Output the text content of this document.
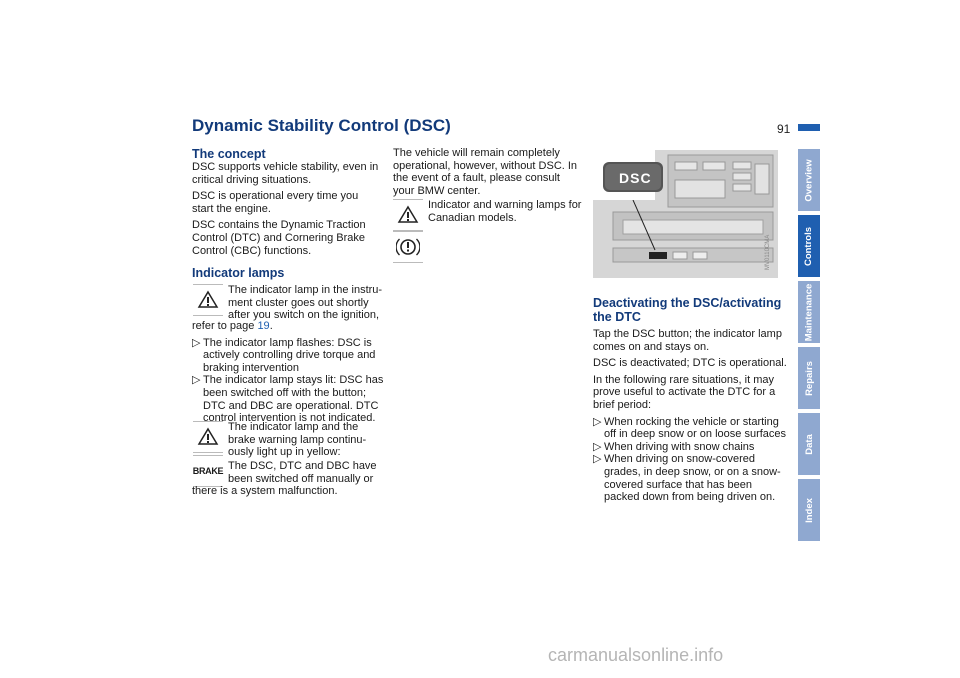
Dynamic Stability Control (DSC)	91

The concept

DSC supports vehicle stability, even in critical driving situations.

DSC is operational every time you start the engine.

DSC contains the Dynamic Traction Control (DTC) and Cornering Brake Control (CBC) functions.

Indicator lamps

The indicator lamp in the instru-

ment cluster goes out shortly

after you switch on the ignition,

refer to page 19.

▷ The indicator lamp flashes: DSC is actively controlling drive torque and braking intervention
▷ The indicator lamp stays lit: DSC has been switched off with the button; DTC and DBC are operational. DTC control intervention is not indicated.

The indicator lamp and the

brake warning lamp continu-

ously light up in yellow:

BRAKE The DSC, DTC and DBC have

been switched off manually or

there is a system malfunction.

The vehicle will remain completely operational, however, without DSC. In the event of a fault, please consult your BMW center.

Indicator and warning lamps for

Canadian models.

DSC
MV0110CMA

Deactivating the DSC/activating the DTC

Tap the DSC button; the indicator lamp comes on and stays on.

DSC is deactivated; DTC is operational.

In the following rare situations, it may prove useful to activate the DTC for a brief period:

▷ When rocking the vehicle or starting off in deep snow or on loose surfaces
▷ When driving with snow chains
▷ When driving on snow-covered grades, in deep snow, or on a snow-covered surface that has been packed down from being driven on.
Overview
Controls
Maintenance
Repairs
Data
Index
carmanualsonline.info
